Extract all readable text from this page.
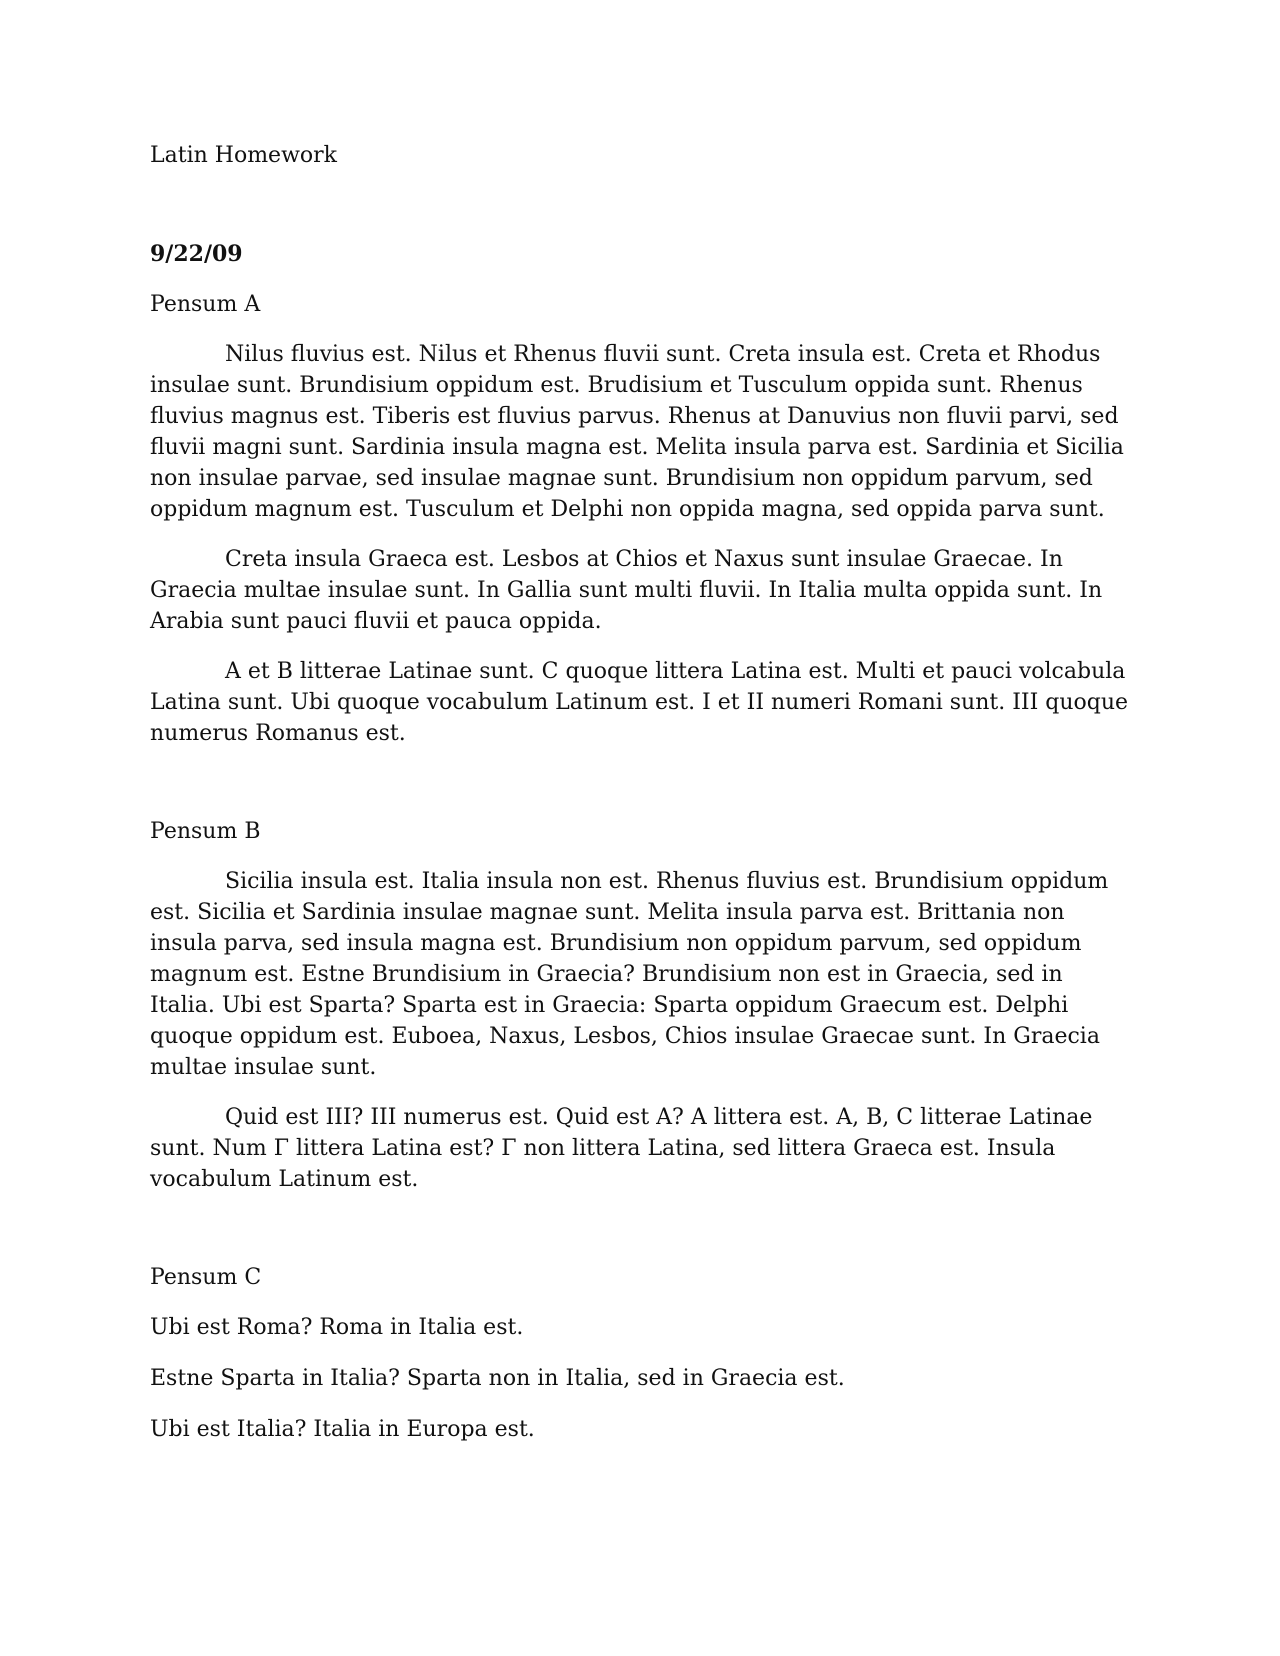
Latin Homework
9/22/09
Pensum A

Nilus fluvius est. Nilus et Rhenus fluvii sunt. Creta insula est. Creta et Rhodus insulae sunt. Brundisium oppidum est. Brudisium et Tusculum oppida sunt. Rhenus fluvius magnus est. Tiberis est fluvius parvus. Rhenus at Danuvius non fluvii parvi, sed fluvii magni sunt. Sardinia insula magna est. Melita insula parva est. Sardinia et Sicilia non insulae parvae, sed insulae magnae sunt. Brundisium non oppidum parvum, sed oppidum magnum est. Tusculum et Delphi non oppida magna, sed oppida parva sunt.

Creta insula Graeca est. Lesbos at Chios et Naxus sunt insulae Graecae. In Graecia multae insulae sunt. In Gallia sunt multi fluvii. In Italia multa oppida sunt. In Arabia sunt pauci fluvii et pauca oppida.

A et B litterae Latinae sunt. C quoque littera Latina est. Multi et pauci volcabula Latina sunt. Ubi quoque vocabulum Latinum est. I et II numeri Romani sunt. III quoque numerus Romanus est.

Pensum B

Sicilia insula est. Italia insula non est. Rhenus fluvius est. Brundisium oppidum est. Sicilia et Sardinia insulae magnae sunt. Melita insula parva est. Brittania non insula parva, sed insula magna est. Brundisium non oppidum parvum, sed oppidum magnum est. Estne Brundisium in Graecia? Brundisium non est in Graecia, sed in Italia. Ubi est Sparta? Sparta est in Graecia: Sparta oppidum Graecum est. Delphi quoque oppidum est. Euboea, Naxus, Lesbos, Chios insulae Graecae sunt. In Graecia multae insulae sunt.

Quid est III? III numerus est. Quid est A? A littera est. A, B, C litterae Latinae sunt. Num Γ littera Latina est? Γ non littera Latina, sed littera Graeca est. Insula vocabulum Latinum est.

Pensum C

Ubi est Roma? Roma in Italia est.

Estne Sparta in Italia? Sparta non in Italia, sed in Graecia est.

Ubi est Italia? Italia in Europa est.
